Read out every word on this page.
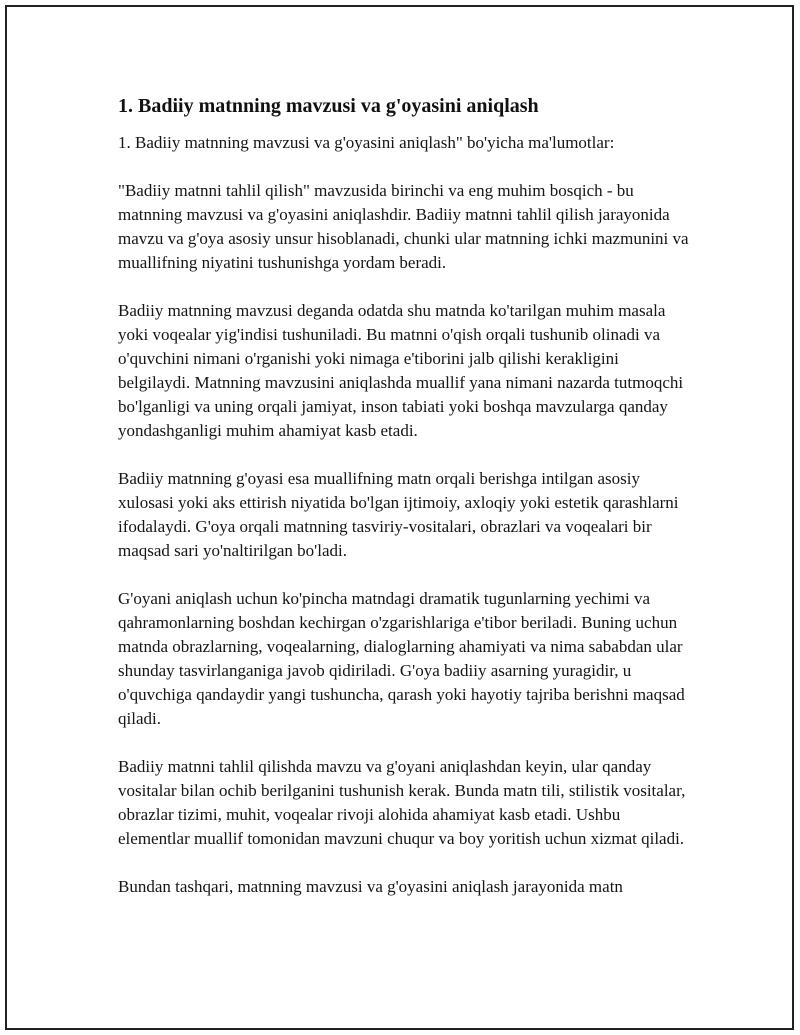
1. Badiiy matnning mavzusi va g'oyasini aniqlash

1. Badiiy matnning mavzusi va g'oyasini aniqlash" bo'yicha ma'lumotlar:

"Badiiy matnni tahlil qilish" mavzusida birinchi va eng muhim bosqich - bu matnning mavzusi va g'oyasini aniqlashdir. Badiiy matnni tahlil qilish jarayonida mavzu va g'oya asosiy unsur hisoblanadi, chunki ular matnning ichki mazmunini va muallifning niyatini tushunishga yordam beradi.

Badiiy matnning mavzusi deganda odatda shu matnda ko'tarilgan muhim masala yoki voqealar yig'indisi tushuniladi. Bu matnni o'qish orqali tushunib olinadi va o'quvchini nimani o'rganishi yoki nimaga e'tiborini jalb qilishi kerakligini belgilaydi. Matnning mavzusini aniqlashda muallif yana nimani nazarda tutmoqchi bo'lganligi va uning orqali jamiyat, inson tabiati yoki boshqa mavzularga qanday yondashganligi muhim ahamiyat kasb etadi.

Badiiy matnning g'oyasi esa muallifning matn orqali berishga intilgan asosiy xulosasi yoki aks ettirish niyatida bo'lgan ijtimoiy, axloqiy yoki estetik qarashlarni ifodalaydi. G'oya orqali matnning tasviriy-vositalari, obrazlari va voqealari bir maqsad sari yo'naltirilgan bo'ladi.

G'oyani aniqlash uchun ko'pincha matndagi dramatik tugunlarning yechimi va qahramonlarning boshdan kechirgan o'zgarishlariga e'tibor beriladi. Buning uchun matnda obrazlarning, voqealarning, dialoglarning ahamiyati va nima sababdan ular shunday tasvirlanganiga javob qidiriladi. G'oya badiiy asarning yuragidir, u o'quvchiga qandaydir yangi tushuncha, qarash yoki hayotiy tajriba berishni maqsad qiladi.

Badiiy matnni tahlil qilishda mavzu va g'oyani aniqlashdan keyin, ular qanday vositalar bilan ochib berilganini tushunish kerak. Bunda matn tili, stilistik vositalar, obrazlar tizimi, muhit, voqealar rivoji alohida ahamiyat kasb etadi. Ushbu elementlar muallif tomonidan mavzuni chuqur va boy yoritish uchun xizmat qiladi.

Bundan tashqari, matnning mavzusi va g'oyasini aniqlash jarayonida matn
